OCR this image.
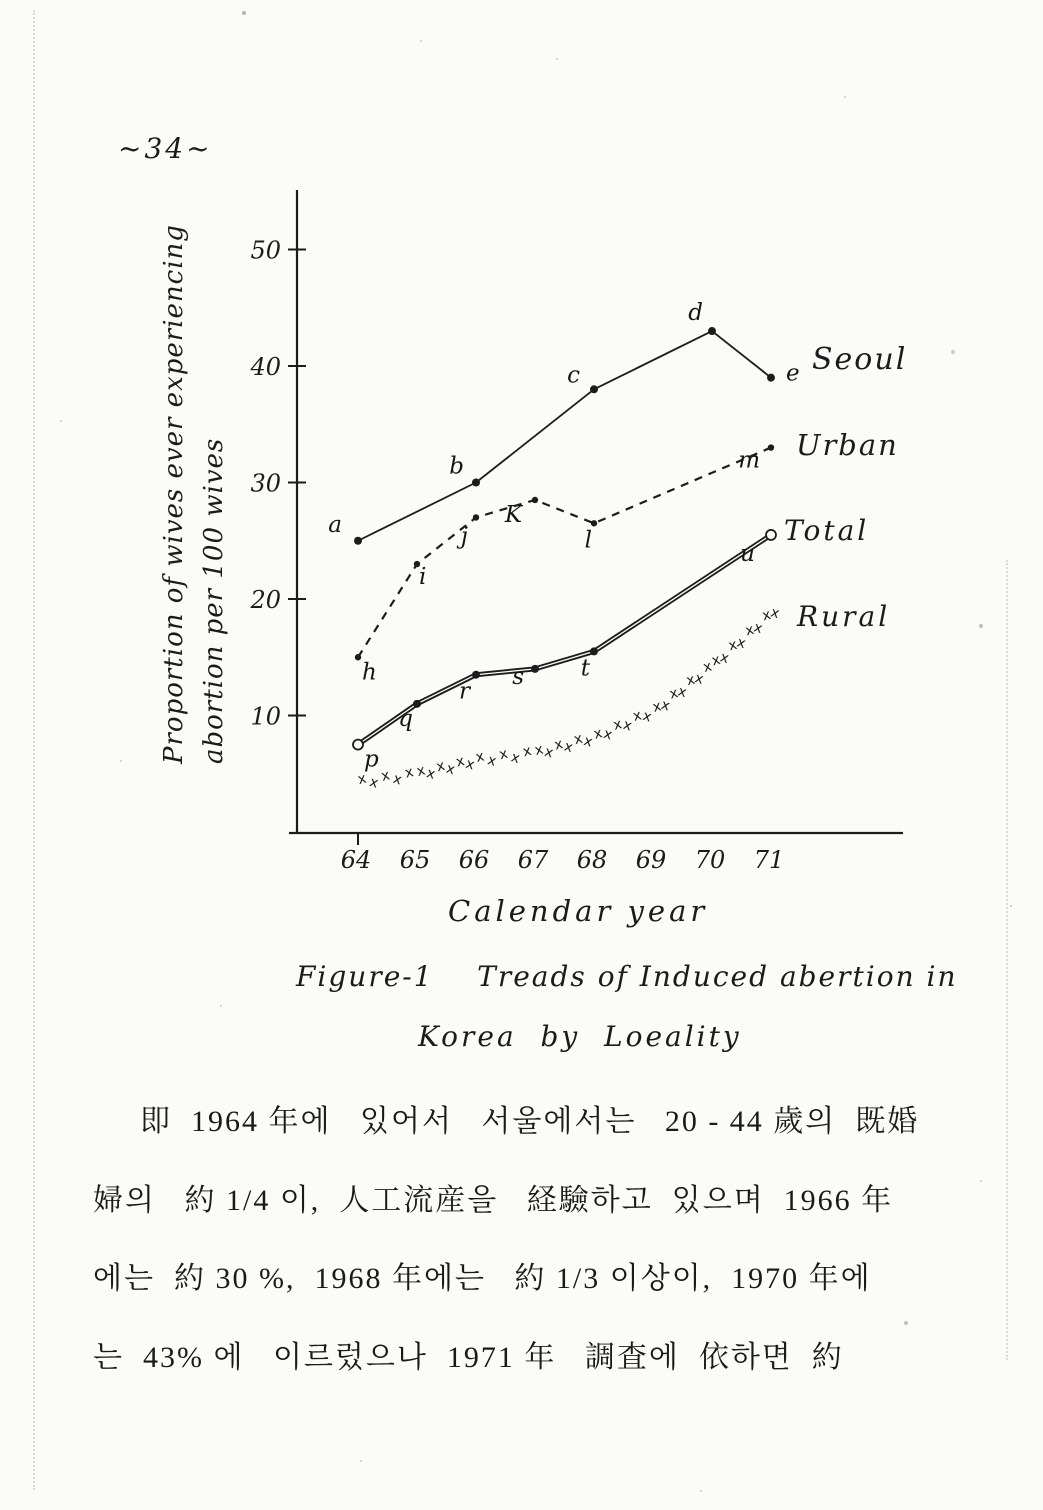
~34~
10
20
30
40
50
64 65 66 67 68 69 70 71
a
b
c
d
e
h
i
j
K
l
m
p
q
r
s t
u
x x x x x x
x
x
x
x
x
x x x x x x
x
x
x
x
x
x
x
x
x
x
x
x
x
x
x
x
x
x
x
x
x
x
x
x
x
x
Proportion of wives ever experiencing abortion per 100 wives
Seoul
Urban
Total
Rural
Calendar year
Figure-1    Treads of Induced abertion in
Korea  by  Loeality
即  1964 年에   있어서   서울에서는   20 - 44 歲의  既婚
婦의   約 1/4 이,  人工流産을   経驗하고  있으며  1966 年
에는  約 30 %,  1968 年에는   約 1/3 이상이,  1970 年에
는  43% 에   이르렀으나  1971 年   調査에  依하면  約
